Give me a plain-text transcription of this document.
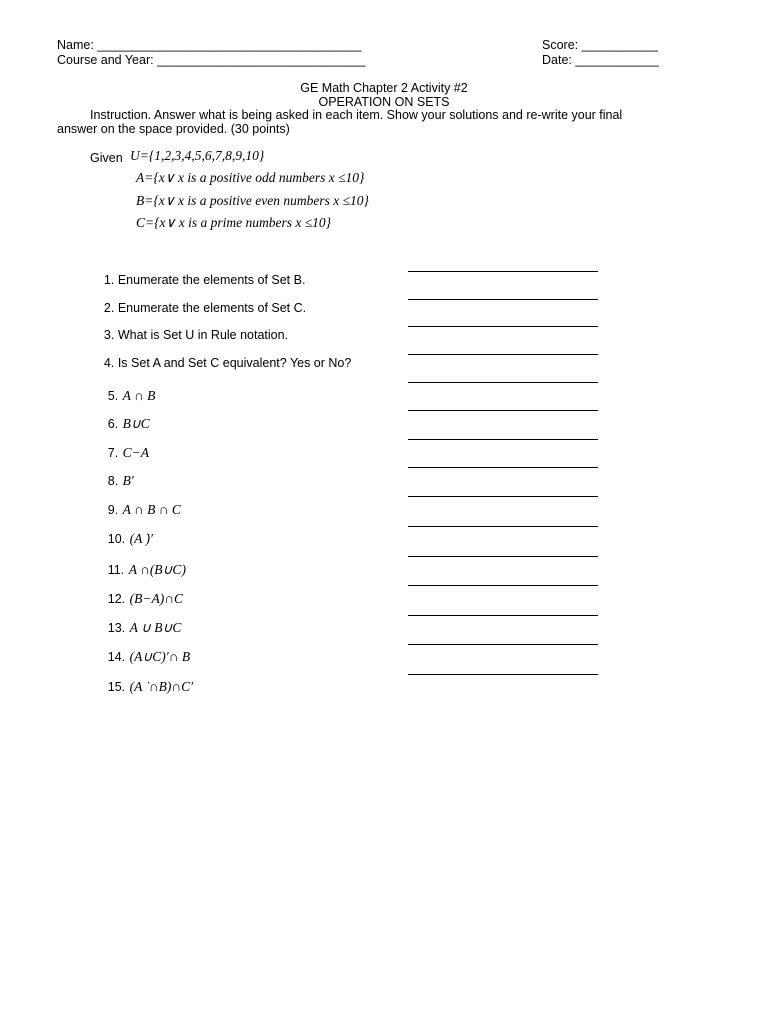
Name: ______________________________________
Course and Year: ______________________________
Score: ___________
Date: ____________
GE Math Chapter 2 Activity #2
OPERATION ON SETS
Instruction. Answer what is being asked in each item. Show your solutions and re-write your final
answer on the space provided. (30 points)
Given U={1,2,3,4,5,6,7,8,9,10}
A={x∨ x is a positive odd numbers x ≤10}
B={x∨ x is a positive even numbers x ≤10}
C={x∨ x is a prime numbers x ≤10}

1. Enumerate the elements of Set B.

2. Enumerate the elements of Set C.

3. What is Set U in Rule notation.

4. Is Set A and Set C equivalent? Yes or No?

5. A ∩ B

6. B∪C

7. C−A

8. B′

9. A ∩ B ∩ C

10. (A ̇)′

11. A ∩(B∪C)

12. (B−A)∩C

13. A ∪ B∪C

14. (A∪C)′∩ B

15. (A ̇ ∩B)∩C′
